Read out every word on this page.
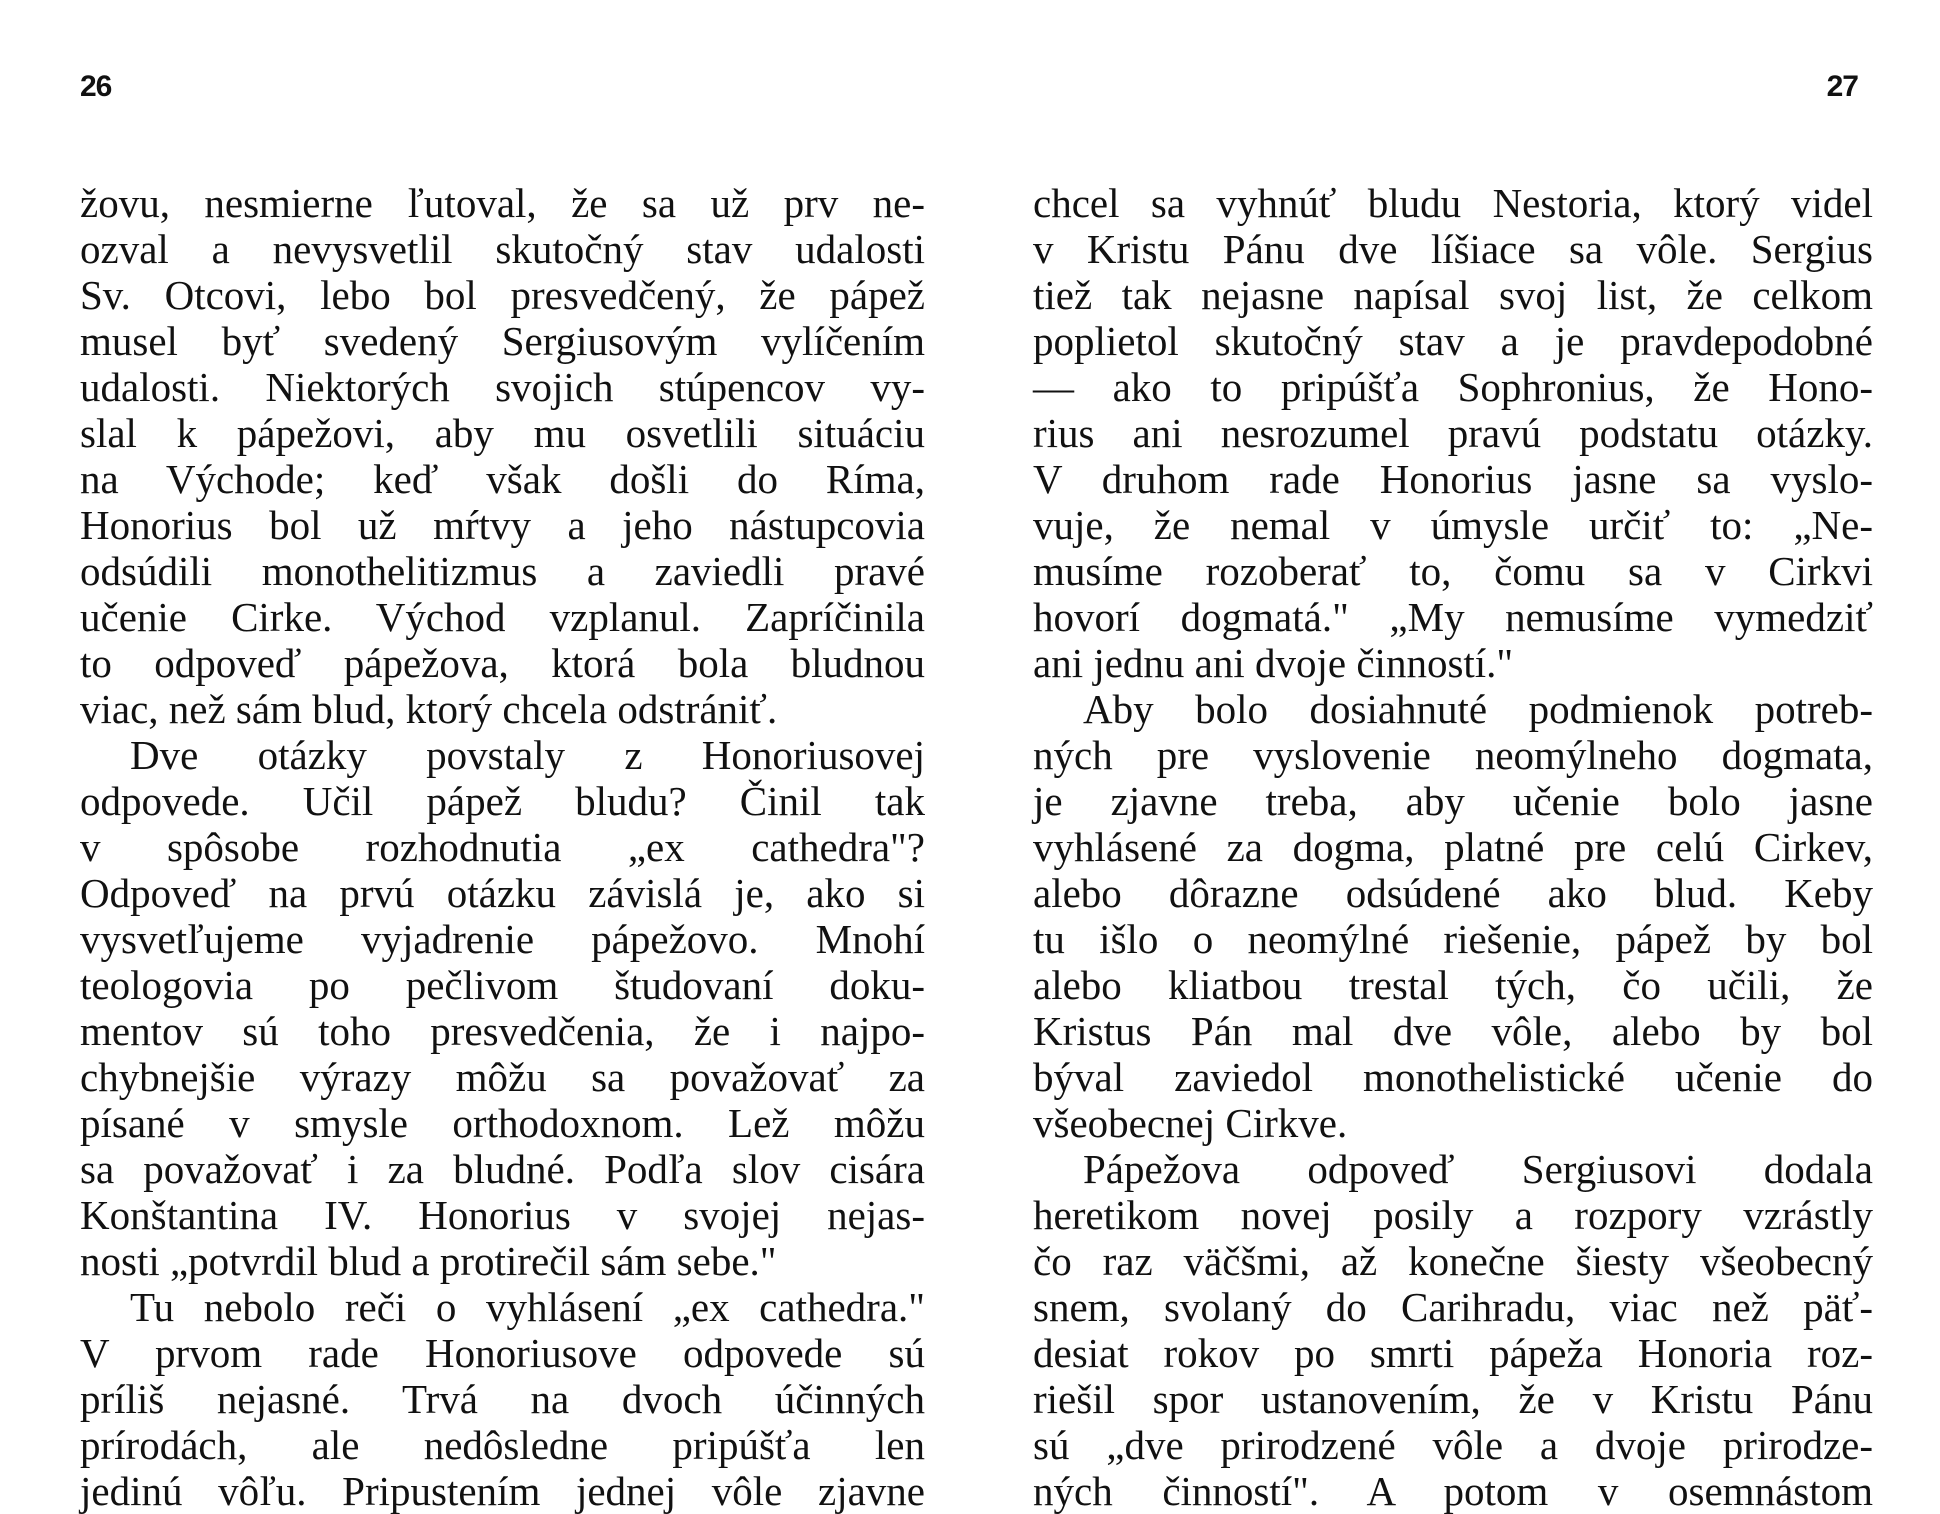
26
žovu, nesmierne ľutoval, že sa už prv ne-
ozval a nevysvetlil skutočný stav udalosti
Sv. Otcovi, lebo bol presvedčený, že pápež
musel byť svedený Sergiusovým vylíčením
udalosti. Niektorých svojich stúpencov vy-
slal k pápežovi, aby mu osvetlili situáciu
na Východe; keď však došli do Ríma,
Honorius bol už mŕtvy a jeho nástupcovia
odsúdili monothelitizmus a zaviedli pravé
učenie Cirke. Východ vzplanul. Zapríčinila
to odpoveď pápežova, ktorá bola bludnou
viac, než sám blud, ktorý chcela odstrániť.
Dve otázky povstaly z Honoriusovej
odpovede. Učil pápež bludu? Činil tak
v spôsobe rozhodnutia „ex cathedra"?
Odpoveď na prvú otázku závislá je, ako si
vysvetľujeme vyjadrenie pápežovo. Mnohí
teologovia po pečlivom študovaní doku-
mentov sú toho presvedčenia, že i najpo-
chybnejšie výrazy môžu sa považovať za
písané v smysle orthodoxnom. Lež môžu
sa považovať i za bludné. Podľa slov cisára
Konštantina IV. Honorius v svojej nejas-
nosti „potvrdil blud a protirečil sám sebe."
Tu nebolo reči o vyhlásení „ex cathedra."
V prvom rade Honoriusove odpovede sú
príliš nejasné. Trvá na dvoch účinných
prírodách, ale nedôsledne pripúšťa len
jedinú vôľu. Pripustením jednej vôle zjavne
27
chcel sa vyhnúť bludu Nestoria, ktorý videl
v Kristu Pánu dve líšiace sa vôle. Sergius
tiež tak nejasne napísal svoj list, že celkom
poplietol skutočný stav a je pravdepodobné
— ako to pripúšťa Sophronius, že Hono-
rius ani nesrozumel pravú podstatu otázky.
V druhom rade Honorius jasne sa vyslo-
vuje, že nemal v úmysle určiť to: „Ne-
musíme rozoberať to, čomu sa v Cirkvi
hovorí dogmatá." „My nemusíme vymedziť
ani jednu ani dvoje činností."
Aby bolo dosiahnuté podmienok potreb-
ných pre vyslovenie neomýlneho dogmata,
je zjavne treba, aby učenie bolo jasne
vyhlásené za dogma, platné pre celú Cirkev,
alebo dôrazne odsúdené ako blud. Keby
tu išlo o neomýlné riešenie, pápež by bol
alebo kliatbou trestal tých, čo učili, že
Kristus Pán mal dve vôle, alebo by bol
býval zaviedol monothelistické učenie do
všeobecnej Cirkve.
Pápežova odpoveď Sergiusovi dodala
heretikom novej posily a rozpory vzrástly
čo raz väčšmi, až konečne šiesty všeobecný
snem, svolaný do Carihradu, viac než päť-
desiat rokov po smrti pápeža Honoria roz-
riešil spor ustanovením, že v Kristu Pánu
sú „dve prirodzené vôle a dvoje prirodze-
ných činností". A potom v osemnástom
